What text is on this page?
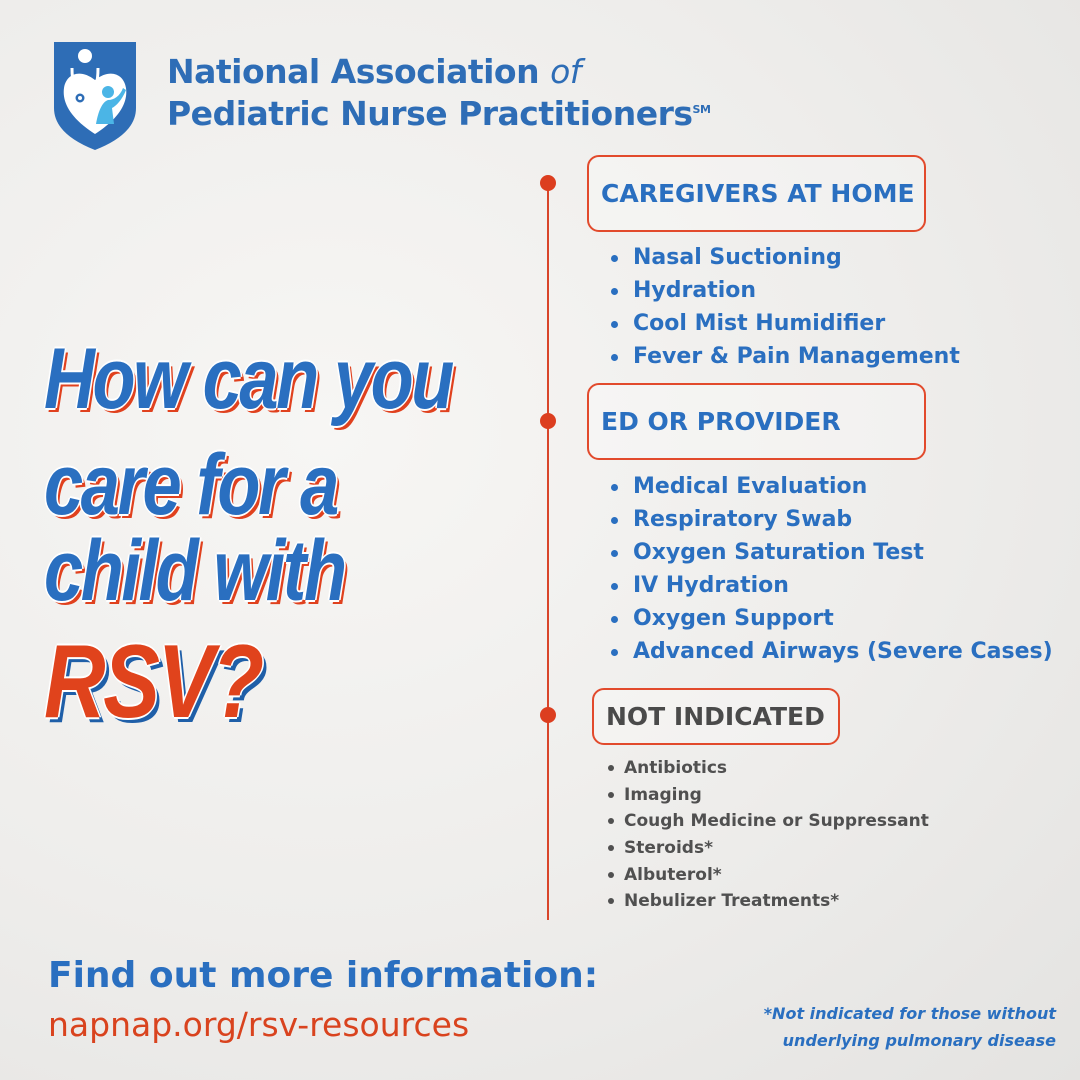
National Association of
Pediatric Nurse Practitioners℠
How can you
care for a
child with
RSV?
CAREGIVERS AT HOME
Nasal Suctioning
Hydration
Cool Mist Humidifier
Fever & Pain Management
ED OR PROVIDER
Medical Evaluation
Respiratory Swab
Oxygen Saturation Test
IV Hydration
Oxygen Support
Advanced Airways (Severe Cases)
NOT INDICATED
Antibiotics
Imaging
Cough Medicine or Suppressant
Steroids*
Albuterol*
Nebulizer Treatments*
Find out more information:
napnap.org/rsv-resources	*Not indicated for those without
underlying pulmonary disease
